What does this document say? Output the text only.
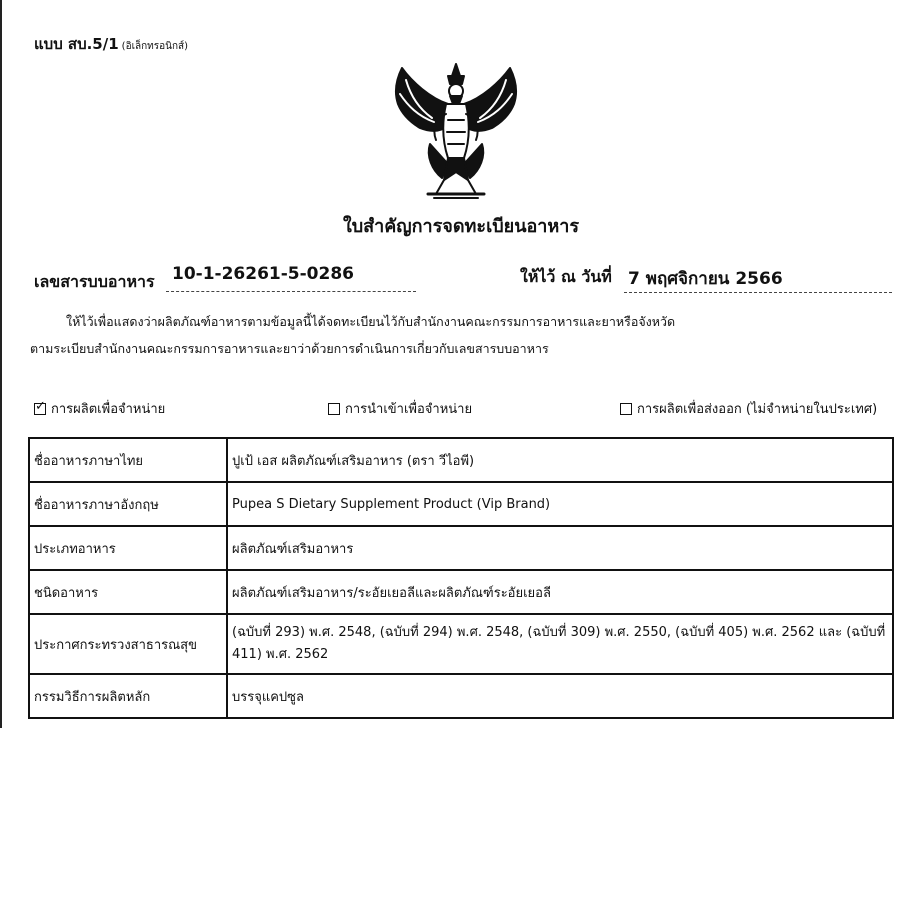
แบบ สบ.5/1 (อิเล็กทรอนิกส์)
ใบสำคัญการจดทะเบียนอาหาร
เลขสารบบอาหาร 10-1-26261-5-0286	ให้ไว้ ณ วันที่ 7 พฤศจิกายน 2566
ให้ไว้เพื่อแสดงว่าผลิตภัณฑ์อาหารตามข้อมูลนี้ได้จดทะเบียนไว้กับสำนักงานคณะกรรมการอาหารและยาหรือจังหวัด
ตามระเบียบสำนักงานคณะกรรมการอาหารและยาว่าด้วยการดำเนินการเกี่ยวกับเลขสารบบอาหาร
✓
การผลิตเพื่อจำหน่าย	การนำเข้าเพื่อจำหน่าย	การผลิตเพื่อส่งออก (ไม่จำหน่ายในประเทศ)
ชื่ออาหารภาษาไทย	ปูเป้ เอส ผลิตภัณฑ์เสริมอาหาร (ตรา วีไอพี)
ชื่ออาหารภาษาอังกฤษ	Pupea S Dietary Supplement Product (Vip Brand)
ประเภทอาหาร	ผลิตภัณฑ์เสริมอาหาร
ชนิดอาหาร	ผลิตภัณฑ์เสริมอาหาร/ระอัยเยอลีและผลิตภัณฑ์ระอัยเยอลี
ประกาศกระทรวงสาธารณสุข	(ฉบับที่ 293) พ.ศ. 2548, (ฉบับที่ 294) พ.ศ. 2548, (ฉบับที่ 309) พ.ศ. 2550, (ฉบับที่ 405) พ.ศ. 2562 และ (ฉบับที่ 411) พ.ศ. 2562
กรรมวิธีการผลิตหลัก	บรรจุแคปซูล
